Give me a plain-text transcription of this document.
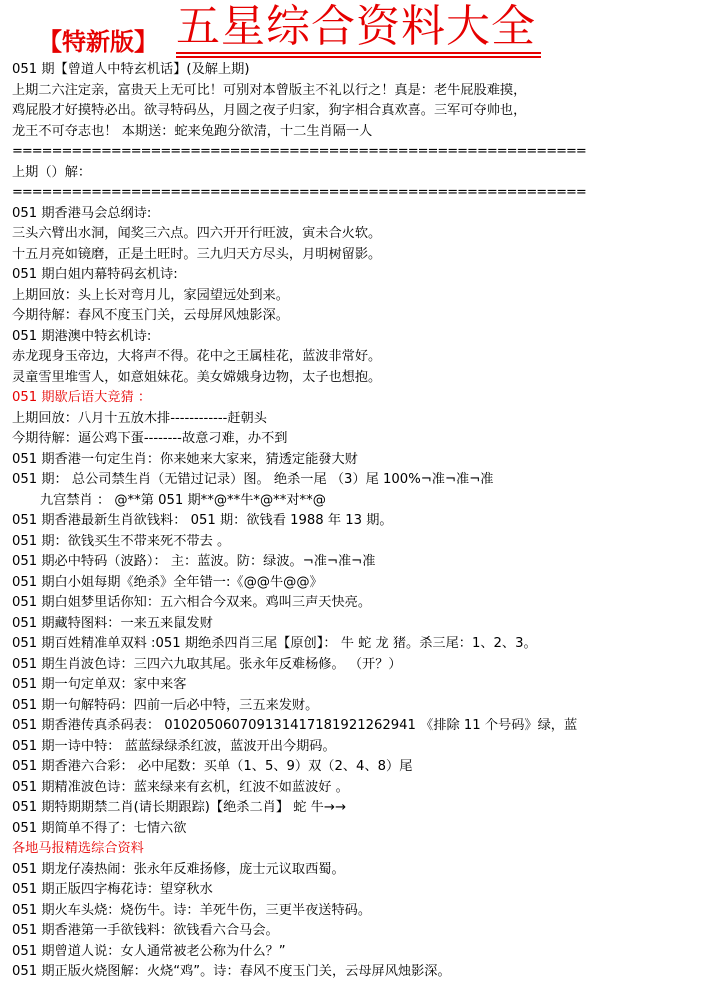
【特新版】 五星综合资料大全
051 期【曾道人中特玄机话】(及解上期)
上期二六注定亲，富贵天上无可比！可别对本曾版主不礼以行之！真是：老牛屁股难摸，
鸡屁股才好摸特必出。欲寻特码丛，月圆之夜子归家，狗字相合真欢喜。三军可夺帅也，
龙王不可夺志也！ 本期送：蛇来兔跑分欲清，十二生肖隔一人
==========================================================
上期（）解：
==========================================================
051 期香港马会总纲诗:
三头六臂出水洞，闻奖三六点。四六开开行旺波，寅未合火软。
十五月亮如镜磨，正是土旺时。三九归天方尽头，月明树留影。
051 期白姐内幕特码玄机诗:
上期回放：头上长对弯月儿，家园望远处到来。
今期待解：春风不度玉门关，云母屏风烛影深。
051 期港澳中特玄机诗:
赤龙现身玉帝边，大将声不得。花中之王属桂花，蓝波非常好。
灵童雪里堆雪人，如意姐妹花。美女嫦娥身边物，太子也想抱。
051 期歇后语大竞猜 ：
上期回放：八月十五放木排------------赶朝头
今期待解：逼公鸡下蛋--------故意刁难，办不到
051 期香港一句定生肖：你来她来大家来，猜透定能發大财
051 期： 总公司禁生肖（无错过记录）图。 绝杀一尾 （3）尾 100%¬准¬准¬准
九宫禁肖 ： @**第 051 期**@**牛*@**对**@
051 期香港最新生肖欲钱料： 051 期：欲钱看 1988 年 13 期。
051 期：欲钱买生不带来死不带去 。
051 期必中特码（波路）： 主：蓝波。防：绿波。¬准¬准¬准
051 期白小姐每期《绝杀》全年错一:《@@牛@@》
051 期白姐梦里话你知：五六相合今双来。鸡叫三声天快亮。
051 期藏特图料：一来五来鼠发财
051 期百姓精准单双料 :051 期绝杀四肖三尾【原创】： 牛 蛇 龙 猪。杀三尾：1、2、3。
051 期生肖波色诗：三四六九取其尾。张永年反难杨修。 （开？）
051 期一句定单双：家中来客
051 期一句解特码：四前一后必中特，三五来发财。
051 期香港传真杀码表： 0102050607091314171819212629​41 《排除 11 个号码》绿，蓝
051 期一诗中特： 蓝蓝绿绿杀红波，蓝波开出今期码。
051 期香港六合彩： 必中尾数：买单（1、5、9）双（2、4、8）尾
051 期精准波色诗：蓝来绿来有玄机，红波不如蓝波好 。
051 期特期期禁二肖(请长期跟踪)【绝杀二肖】 蛇 牛→→
051 期简单不得了：七情六欲
各地马报精选综合资料
051 期龙仔凑热闹：张永年反难扬修，庞士元议取西蜀。
051 期正版四字梅花诗：望穿秋水
051 期火车头烧：烧伤牛。诗：羊死牛伤，三更半夜送特码。
051 期香港第一手欲钱料：欲钱看六合马会。
051 期曾道人说：女人通常被老公称为什么？”
051 期正版火烧图解：火烧“鸡”。诗：春风不度玉门关，云母屏风烛影深。
